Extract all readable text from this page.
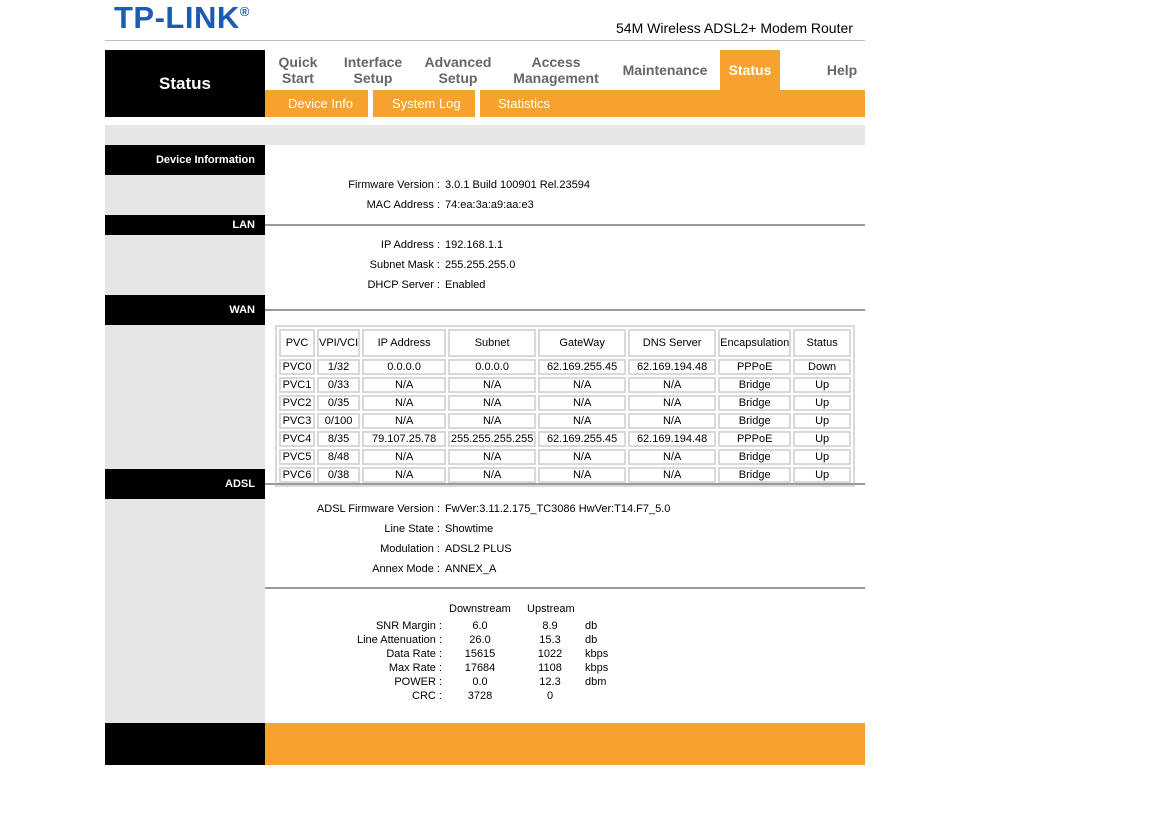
TP-LINK®
54M Wireless ADSL2+ Modem Router
Status
Quick
Start
Interface
Setup
Advanced
Setup
Access
Management	Maintenance	Status	Help
Device Info	System Log	Statistics
Device Information
Firmware Version : 3.0.1 Build 100901 Rel.23594
MAC Address : 74:ea:3a:a9:aa:e3
LAN
IP Address : 192.168.1.1
Subnet Mask : 255.255.255.0
DHCP Server : Enabled
WAN
PVC	VPI/VCI	IP Address	Subnet	GateWay	DNS Server	Encapsulation	Status
PVC0	1/32	0.0.0.0	0.0.0.0	62.169.255.45	62.169.194.48	PPPoE	Down
PVC1	0/33	N/A	N/A	N/A	N/A	Bridge	Up
PVC2	0/35	N/A	N/A	N/A	N/A	Bridge	Up
PVC3	0/100	N/A	N/A	N/A	N/A	Bridge	Up
PVC4	8/35	79.107.25.78	255.255.255.255	62.169.255.45	62.169.194.48	PPPoE	Up
PVC5	8/48	N/A	N/A	N/A	N/A	Bridge	Up
PVC6	0/38	N/A	N/A	N/A	N/A	Bridge	Up
ADSL
ADSL Firmware Version : FwVer:3.11.2.175_TC3086 HwVer:T14.F7_5.0
Line State : Showtime
Modulation : ADSL2 PLUS
Annex Mode : ANNEX_A
Downstream Upstream
SNR Margin :	6.0	8.9	db
Line Attenuation :	26.0	15.3	db
Data Rate :	15615	1022	kbps
Max Rate :	17684	1108	kbps
POWER :	0.0	12.3	dbm
CRC :	3728	0
